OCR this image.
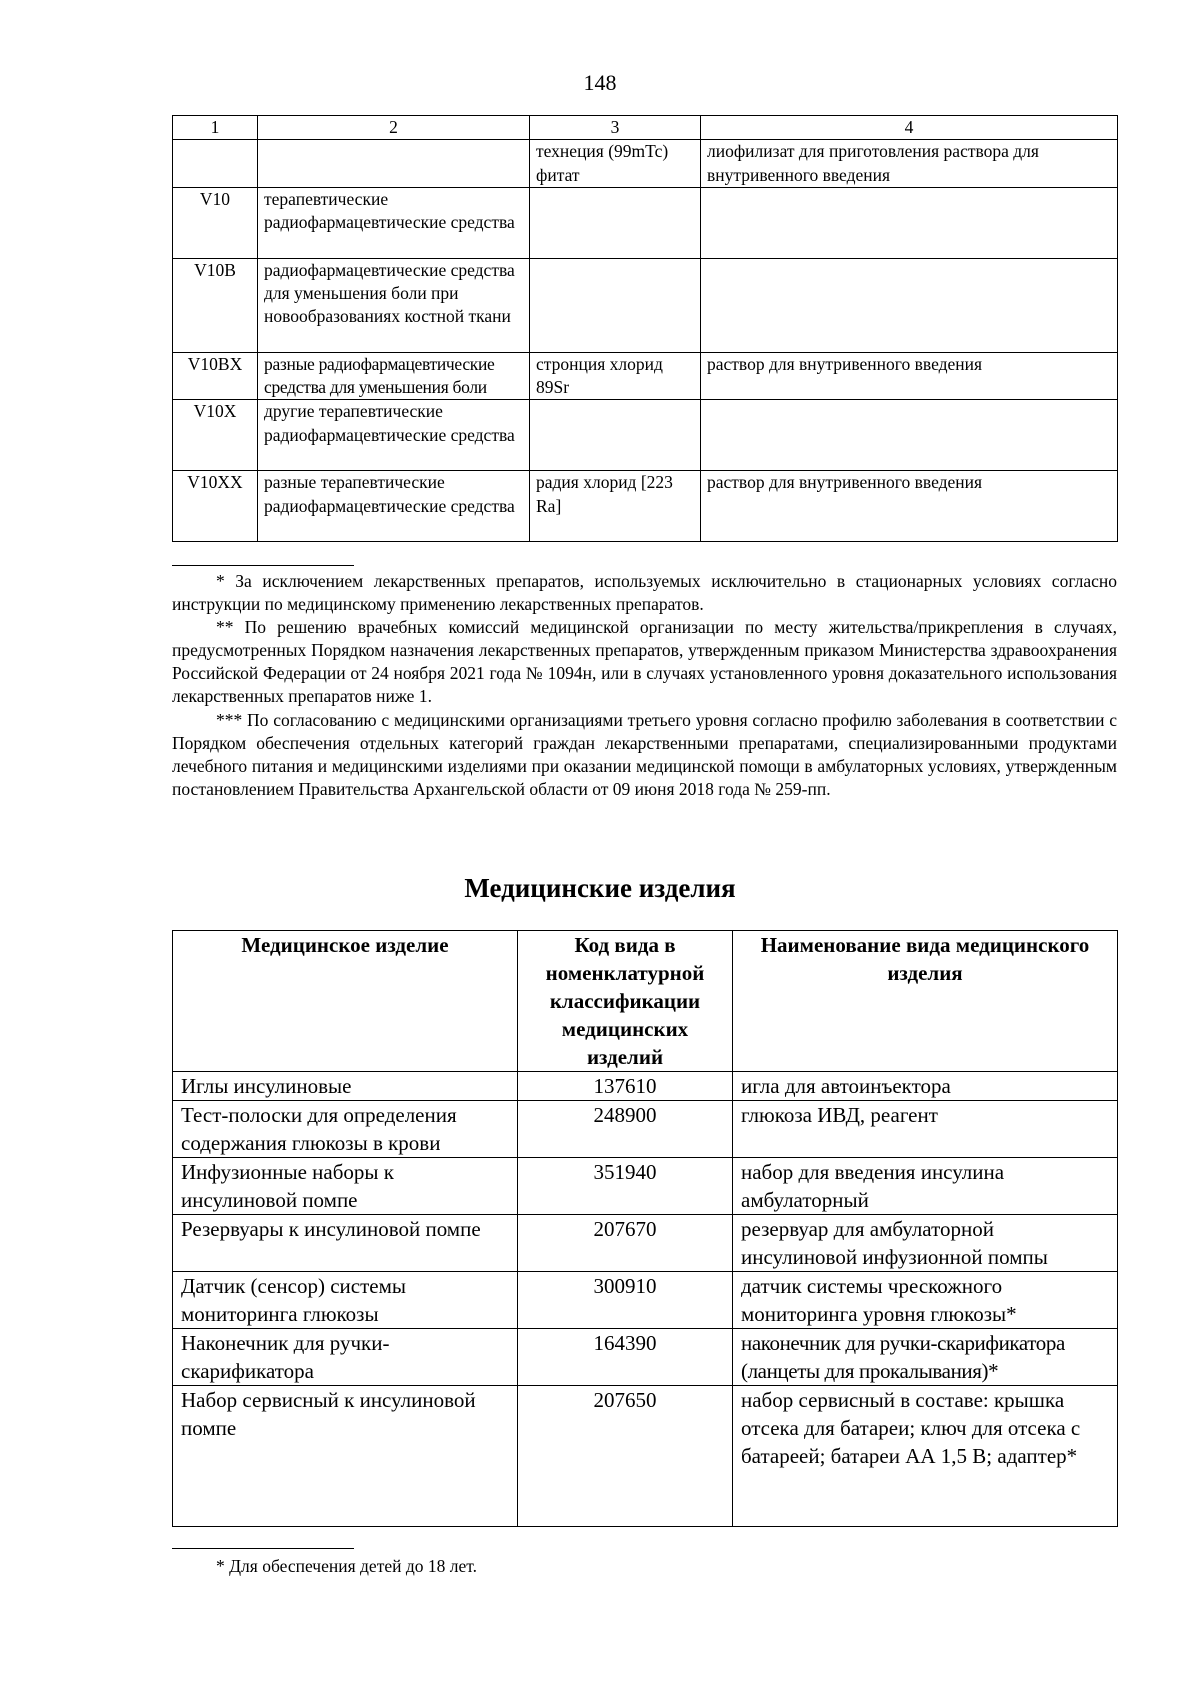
148
1	2	3	4
		технеция (99mTc) фитат	лиофилизат для приготовления раствора для внутривенного введения
V10	терапевтические радиофармацевтические средства		
V10B	радиофармацевтические средства для уменьшения боли при новообразованиях костной ткани		
V10BX	разные радиофармацевтические средства для уменьшения боли	стронция хлорид 89Sr	раствор для внутривенного введения
V10X	другие терапевтические радиофармацевтические средства		
V10XX	разные терапевтические радиофармацевтические средства	радия хлорид [223 Ra]	раствор для внутривенного введения

* За исключением лекарственных препаратов, используемых исключительно в стационарных условиях согласно инструкции по медицинскому применению лекарственных препаратов.

** По решению врачебных комиссий медицинской организации по месту жительства/прикрепления в случаях, предусмотренных Порядком назначения лекарственных препаратов, утвержденным приказом Министерства здравоохранения Российской Федерации от 24 ноября 2021 года № 1094н, или в случаях установленного уровня доказательного использования лекарственных препаратов ниже 1.

*** По согласованию с медицинскими организациями третьего уровня согласно профилю заболевания в соответствии с Порядком обеспечения отдельных категорий граждан лекарственными препаратами, специализированными продуктами лечебного питания и медицинскими изделиями при оказании медицинской помощи в амбулаторных условиях, утвержденным постановлением Правительства Архангельской области от 09 июня 2018 года № 259-пп.

Медицинские изделия
Медицинское изделие	Код вида в номенклатурной классификации медицинских изделий	Наименование вида медицинского изделия
Иглы инсулиновые	137610	игла для автоинъектора
Тест-полоски для определения содержания глюкозы в крови	248900	глюкоза ИВД, реагент
Инфузионные наборы к инсулиновой помпе	351940	набор для введения инсулина амбулаторный
Резервуары к инсулиновой помпе	207670	резервуар для амбулаторной инсулиновой инфузионной помпы
Датчик (сенсор) системы мониторинга глюкозы	300910	датчик системы чрескожного мониторинга уровня глюкозы*
Наконечник для ручки-скарификатора	164390	наконечник для ручки-скарификатора (ланцеты для прокалывания)*
Набор сервисный к инсулиновой помпе	207650	набор сервисный в составе: крышка отсека для батареи; ключ для отсека с батареей; батареи АА 1,5 В; адаптер*
* Для обеспечения детей до 18 лет.
